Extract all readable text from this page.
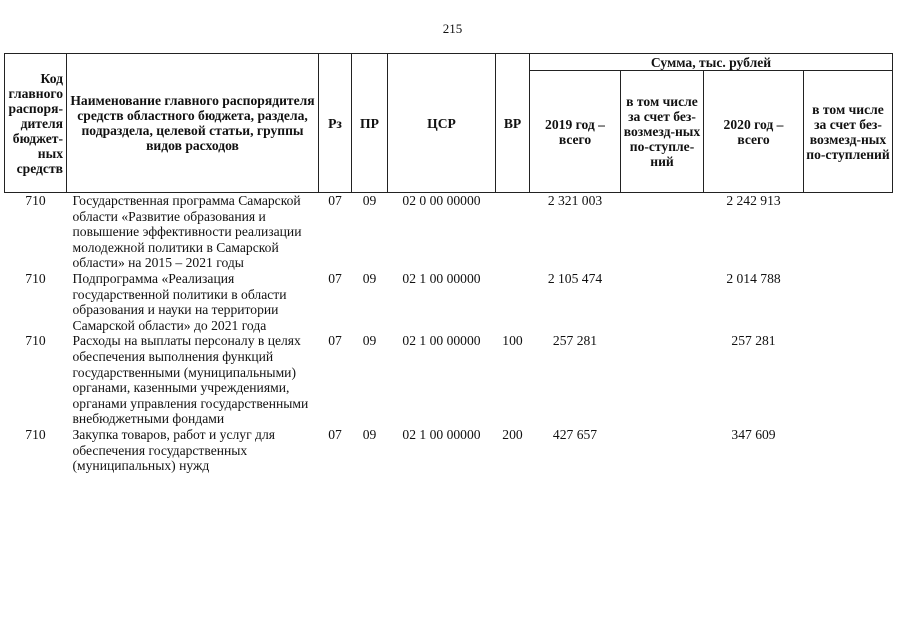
215
Код главного распоря-дителя бюджет-ных средств	Наименование главного распорядителя средств областного бюджета, раздела, подраздела, целевой статьи, группы видов расходов	Рз	ПР	ЦСР	ВР	Сумма, тыс. рублей			
						2019 год – всего	в том числе за счет без-возмезд-ных по-ступле-ний	2020 год – всего	в том числе за счет без-возмезд-ных по-ступлений
710	Государственная программа Самарской области «Развитие образования и повышение эффективности реализации молодежной политики в Самарской области» на 2015 – 2021 годы	07	09	02 0 00 00000		2 321 003		2 242 913	
710	Подпрограмма «Реализация государственной политики в области образования и науки на территории Самарской области» до 2021 года	07	09	02 1 00 00000		2 105 474		2 014 788	
710	Расходы на выплаты персоналу в целях обеспечения выполнения функций государственными (муниципальными) органами, казенными учреждениями, органами управления государственными внебюджетными фондами	07	09	02 1 00 00000	100	257 281		257 281	
710	Закупка товаров, работ и услуг для обеспечения государственных (муниципальных) нужд	07	09	02 1 00 00000	200	427 657		347 609	
